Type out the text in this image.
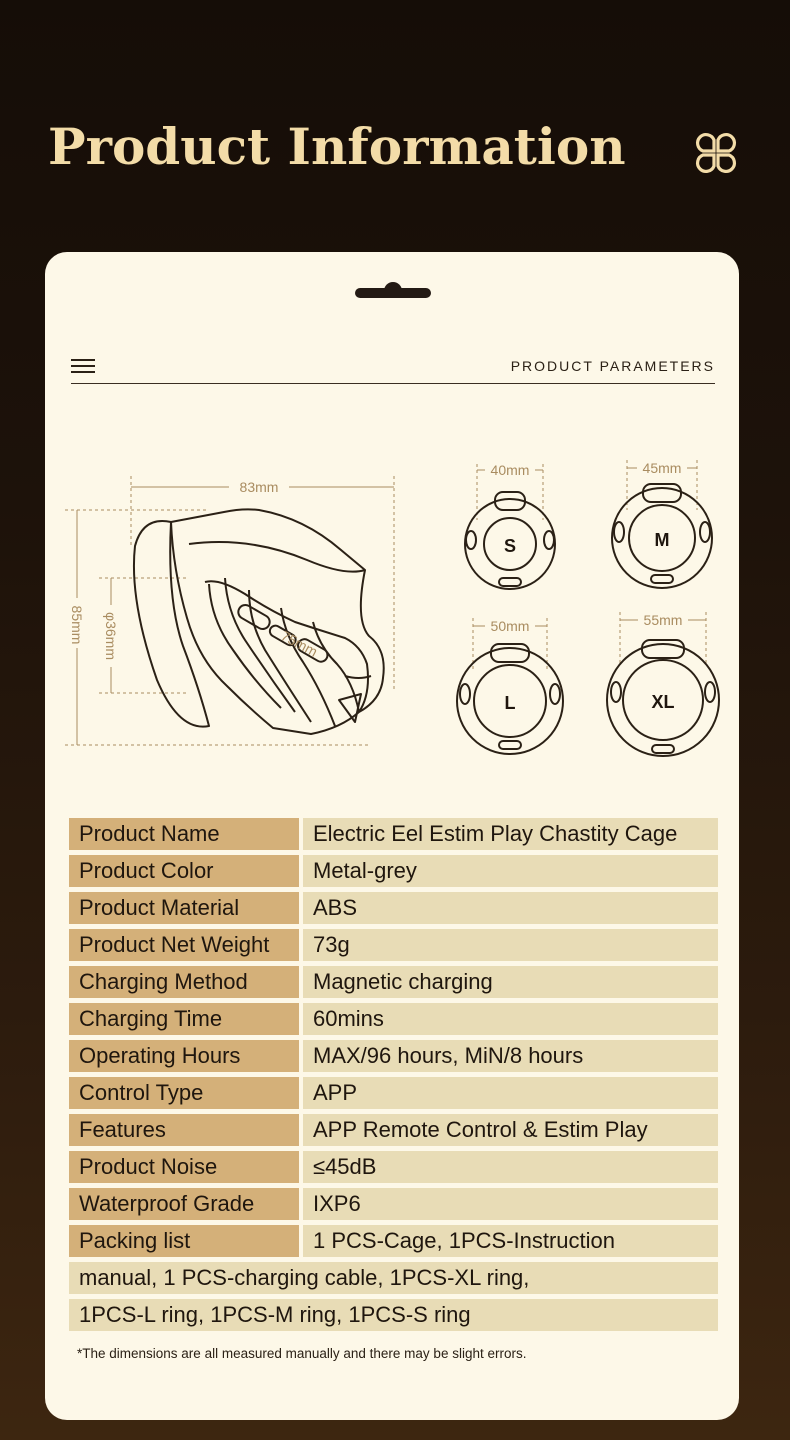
Product Information
PRODUCT PARAMETERS
83mm
85mm φ36mm	75mm
40mm
S
45mm
M
50mm
L
55mm
XL
Product Name	Electric Eel Estim Play Chastity Cage
Product Color	Metal-grey
Product Material	ABS
Product Net Weight	73g
Charging Method	Magnetic charging
Charging Time	60mins
Operating Hours	MAX/96 hours, MiN/8 hours
Control Type	APP
Features	APP Remote Control & Estim Play
Product Noise	≤45dB
Waterproof Grade	IXP6
Packing list	1 PCS-Cage, 1PCS-Instruction
manual, 1 PCS-charging cable, 1PCS-XL ring,
1PCS-L ring, 1PCS-M ring, 1PCS-S ring
*The dimensions are all measured manually and there may be slight errors.
